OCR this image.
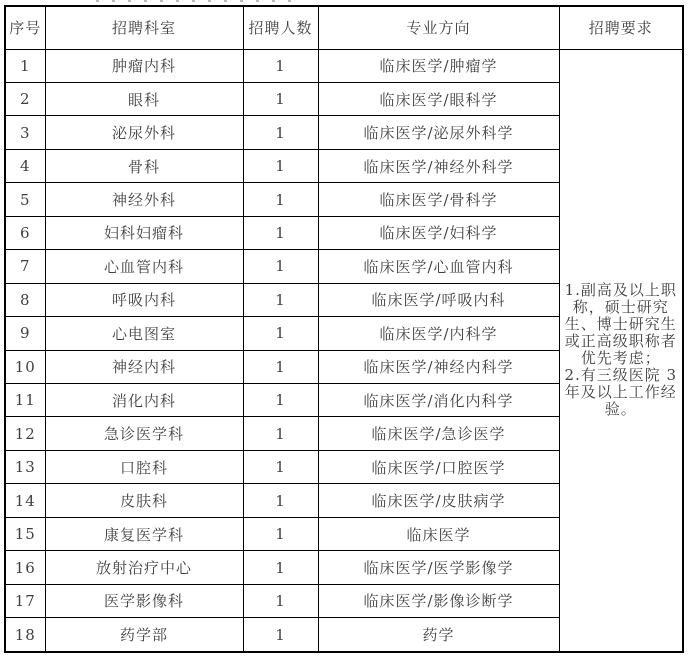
序号	招聘科室	招聘人数	专业方向	招聘要求
1	肿瘤内科	1	临床医学/肿瘤学	1.副高及以上职称，硕士研究生、博士研究生或正高级职称者优先考虑；

2.有三级医院 3 年及以上工作经验。

2	眼科	1	临床医学/眼科学	
3	泌尿外科	1	临床医学/泌尿外科学	
4	骨科	1	临床医学/神经外科学	
5	神经外科	1	临床医学/骨科学	
6	妇科妇瘤科	1	临床医学/妇科学	
7	心血管内科	1	临床医学/心血管内科	
8	呼吸内科	1	临床医学/呼吸内科	
9	心电图室	1	临床医学/内科学	
10	神经内科	1	临床医学/神经内科学	
11	消化内科	1	临床医学/消化内科学	
12	急诊医学科	1	临床医学/急诊医学	
13	口腔科	1	临床医学/口腔医学	
14	皮肤科	1	临床医学/皮肤病学	
15	康复医学科	1	临床医学	
16	放射治疗中心	1	临床医学/医学影像学	
17	医学影像科	1	临床医学/影像诊断学	
18	药学部	1	药学	
